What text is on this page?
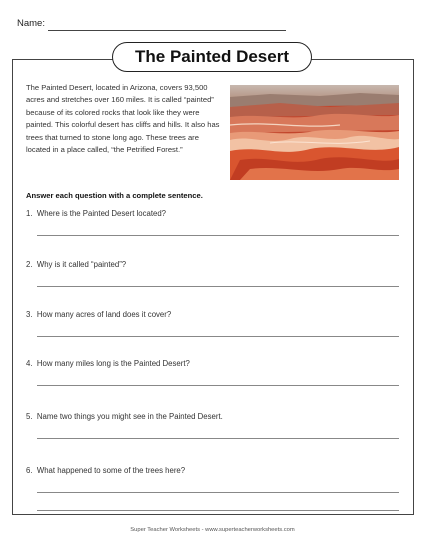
Name:
The Painted Desert
The Painted Desert, located in Arizona, covers 93,500 acres and stretches over 160 miles. It is called “painted” because of its colored rocks that look like they were painted. This colorful desert has cliffs and hills. It also has trees that turned to stone long ago. These trees are located in a place called, “the Petrified Forest.”
Answer each question with a complete sentence.
1. Where is the Painted Desert located?
2. Why is it called “painted”?
3. How many acres of land does it cover?
4. How many miles long is the Painted Desert?
5. Name two things you might see in the Painted Desert.
6. What happened to some of the trees here?
Super Teacher Worksheets - www.superteacherworksheets.com
